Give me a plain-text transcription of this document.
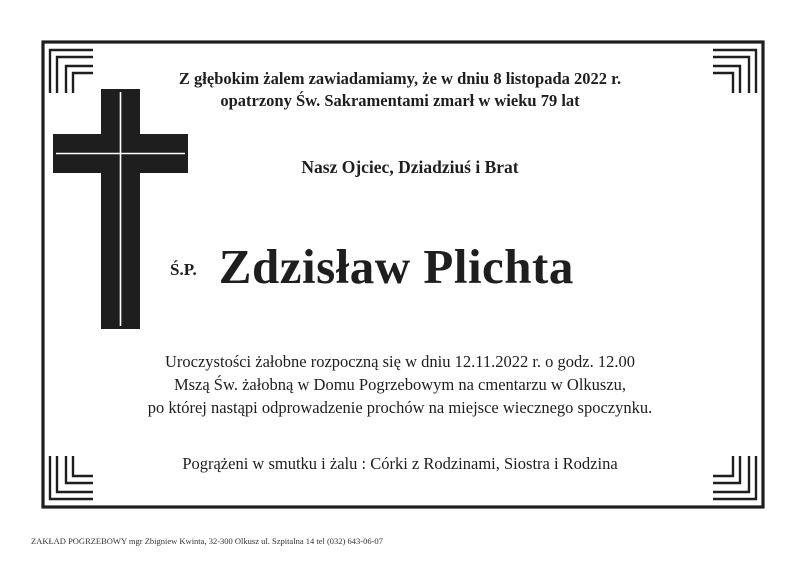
Z głębokim żalem zawiadamiamy, że w dniu 8 listopada 2022 r.
opatrzony Św. Sakramentami zmarł w wieku 79 lat
Nasz Ojciec, Dziadziuś i Brat
Ś.P. Zdzisław Plichta
Uroczystości żałobne rozpoczną się w dniu 12.11.2022 r. o godz. 12.00
Mszą Św. żałobną w Domu Pogrzebowym na cmentarzu w Olkuszu,
po której nastąpi odprowadzenie prochów na miejsce wiecznego spoczynku.
Pogrążeni w smutku i żalu : Córki z Rodzinami, Siostra i Rodzina
ZAKŁAD POGRZEBOWY mgr Zbigniew Kwinta, 32-300 Olkusz ul. Szpitalna 14 tel (032) 643-06-07
